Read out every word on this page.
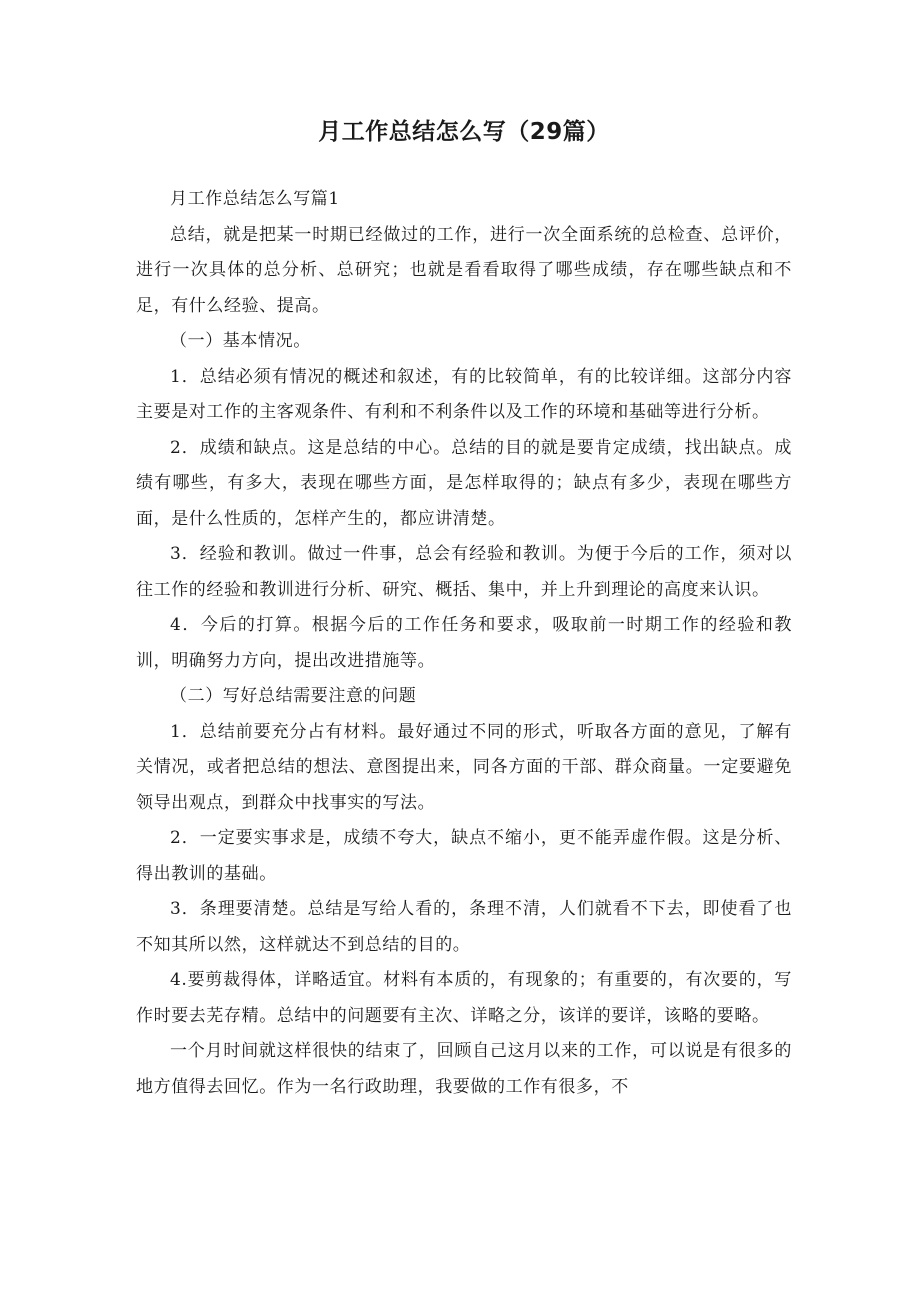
月工作总结怎么写（29篇）

月工作总结怎么写篇1

总结，就是把某一时期已经做过的工作，进行一次全面系统的总检查、总评价，进行一次具体的总分析、总研究；也就是看看取得了哪些成绩，存在哪些缺点和不足，有什么经验、提高。

（一）基本情况。

1．总结必须有情况的概述和叙述，有的比较简单，有的比较详细。这部分内容主要是对工作的主客观条件、有利和不利条件以及工作的环境和基础等进行分析。

2．成绩和缺点。这是总结的中心。总结的目的就是要肯定成绩，找出缺点。成绩有哪些，有多大，表现在哪些方面，是怎样取得的；缺点有多少，表现在哪些方面，是什么性质的，怎样产生的，都应讲清楚。

3．经验和教训。做过一件事，总会有经验和教训。为便于今后的工作，须对以往工作的经验和教训进行分析、研究、概括、集中，并上升到理论的高度来认识。

4．今后的打算。根据今后的工作任务和要求，吸取前一时期工作的经验和教训，明确努力方向，提出改进措施等。

（二）写好总结需要注意的问题

1．总结前要充分占有材料。最好通过不同的形式，听取各方面的意见，了解有关情况，或者把总结的想法、意图提出来，同各方面的干部、群众商量。一定要避免领导出观点，到群众中找事实的写法。

2．一定要实事求是，成绩不夸大，缺点不缩小，更不能弄虚作假。这是分析、得出教训的基础。

3．条理要清楚。总结是写给人看的，条理不清，人们就看不下去，即使看了也不知其所以然，这样就达不到总结的目的。

4.要剪裁得体，详略适宜。材料有本质的，有现象的；有重要的，有次要的，写作时要去芜存精。总结中的问题要有主次、详略之分，该详的要详，该略的要略。

一个月时间就这样很快的结束了，回顾自己这月以来的工作，可以说是有很多的地方值得去回忆。作为一名行政助理，我要做的工作有很多，不
